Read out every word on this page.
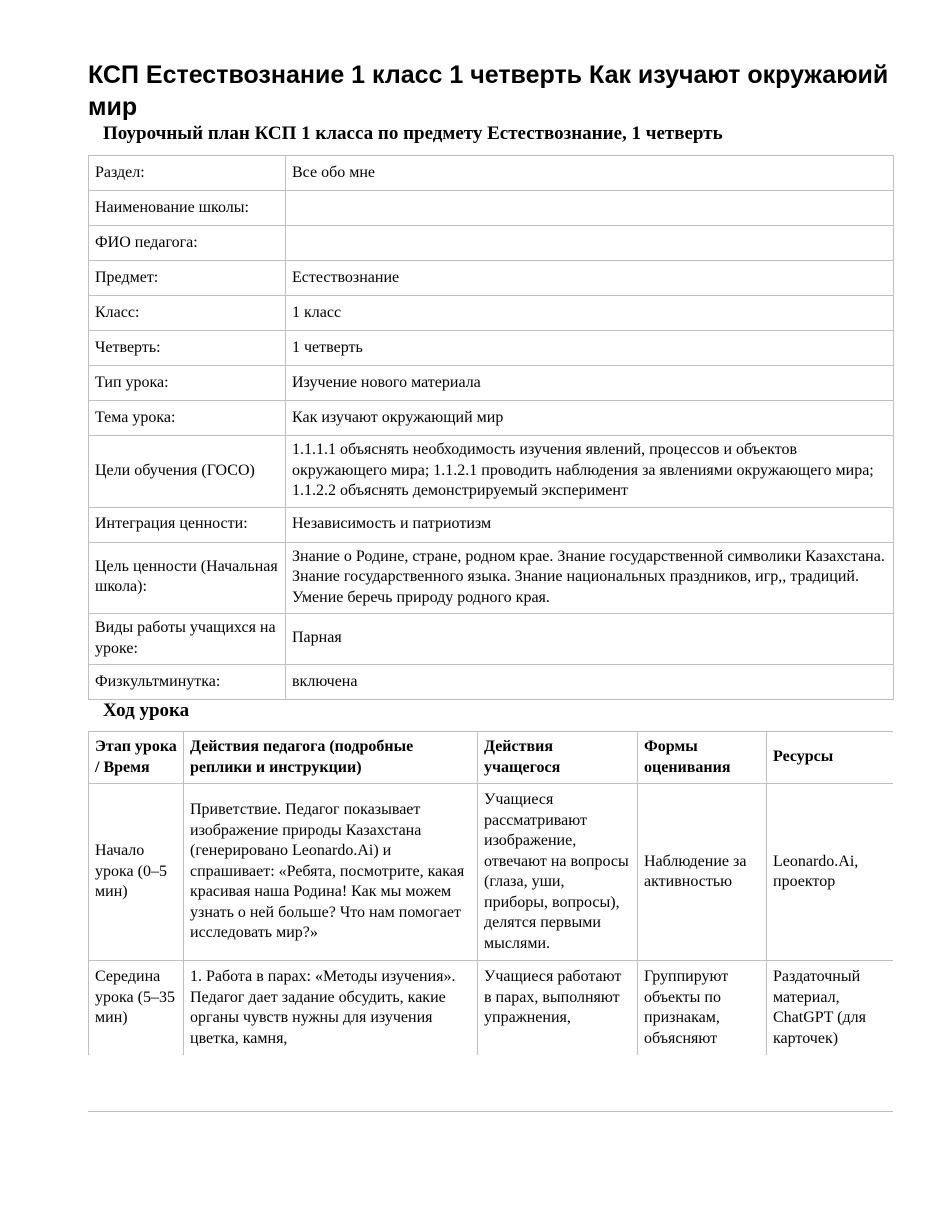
КСП Естествознание 1 класс 1 четверть Как изучают окружаюий мир
Поурочный план КСП 1 класса по предмету Естествознание, 1 четверть
Раздел:	Все обо мне
Наименование школы:	
ФИО педагога:	
Предмет:	Естествознание
Класс:	1 класс
Четверть:	1 четверть
Тип урока:	Изучение нового материала
Тема урока:	Как изучают окружающий мир
Цели обучения (ГОСО)	1.1.1.1 объяснять необходимость изучения явлений, процессов и объектов окружающего мира; 1.1.2.1 проводить наблюдения за явлениями окружающего мира; 1.1.2.2 объяснять демонстрируемый эксперимент
Интеграция ценности:	Независимость и патриотизм
Цель ценности (Начальная школа):	Знание о Родине, стране, родном крае. Знание государственной символики Казахстана. Знание государственного языка. Знание национальных праздников, игр,, традиций. Умение беречь природу родного края.
Виды работы учащихся на уроке:	Парная
Физкультминутка:	включена
Ход урока
Этап урока / Время	Действия педагога (подробные реплики и инструкции)	Действия учащегося	Формы оценивания	Ресурсы
Начало урока (0–5 мин)	Приветствие. Педагог показывает изображение природы Казахстана (генерировано Leonardo.Ai) и спрашивает: «Ребята, посмотрите, какая красивая наша Родина! Как мы можем узнать о ней больше? Что нам помогает исследовать мир?»	Учащиеся рассматривают изображение, отвечают на вопросы (глаза, уши, приборы, вопросы), делятся первыми мыслями.	Наблюдение за активностью	Leonardo.Ai, проектор
Середина урока (5–35 мин)	1. Работа в парах: «Методы изучения». Педагог дает задание обсудить, какие органы чувств нужны для изучения цветка, камня,	Учащиеся работают в парах, выполняют упражнения,	Группируют объекты по признакам, объясняют	Раздаточный материал, ChatGPT (для карточек)
